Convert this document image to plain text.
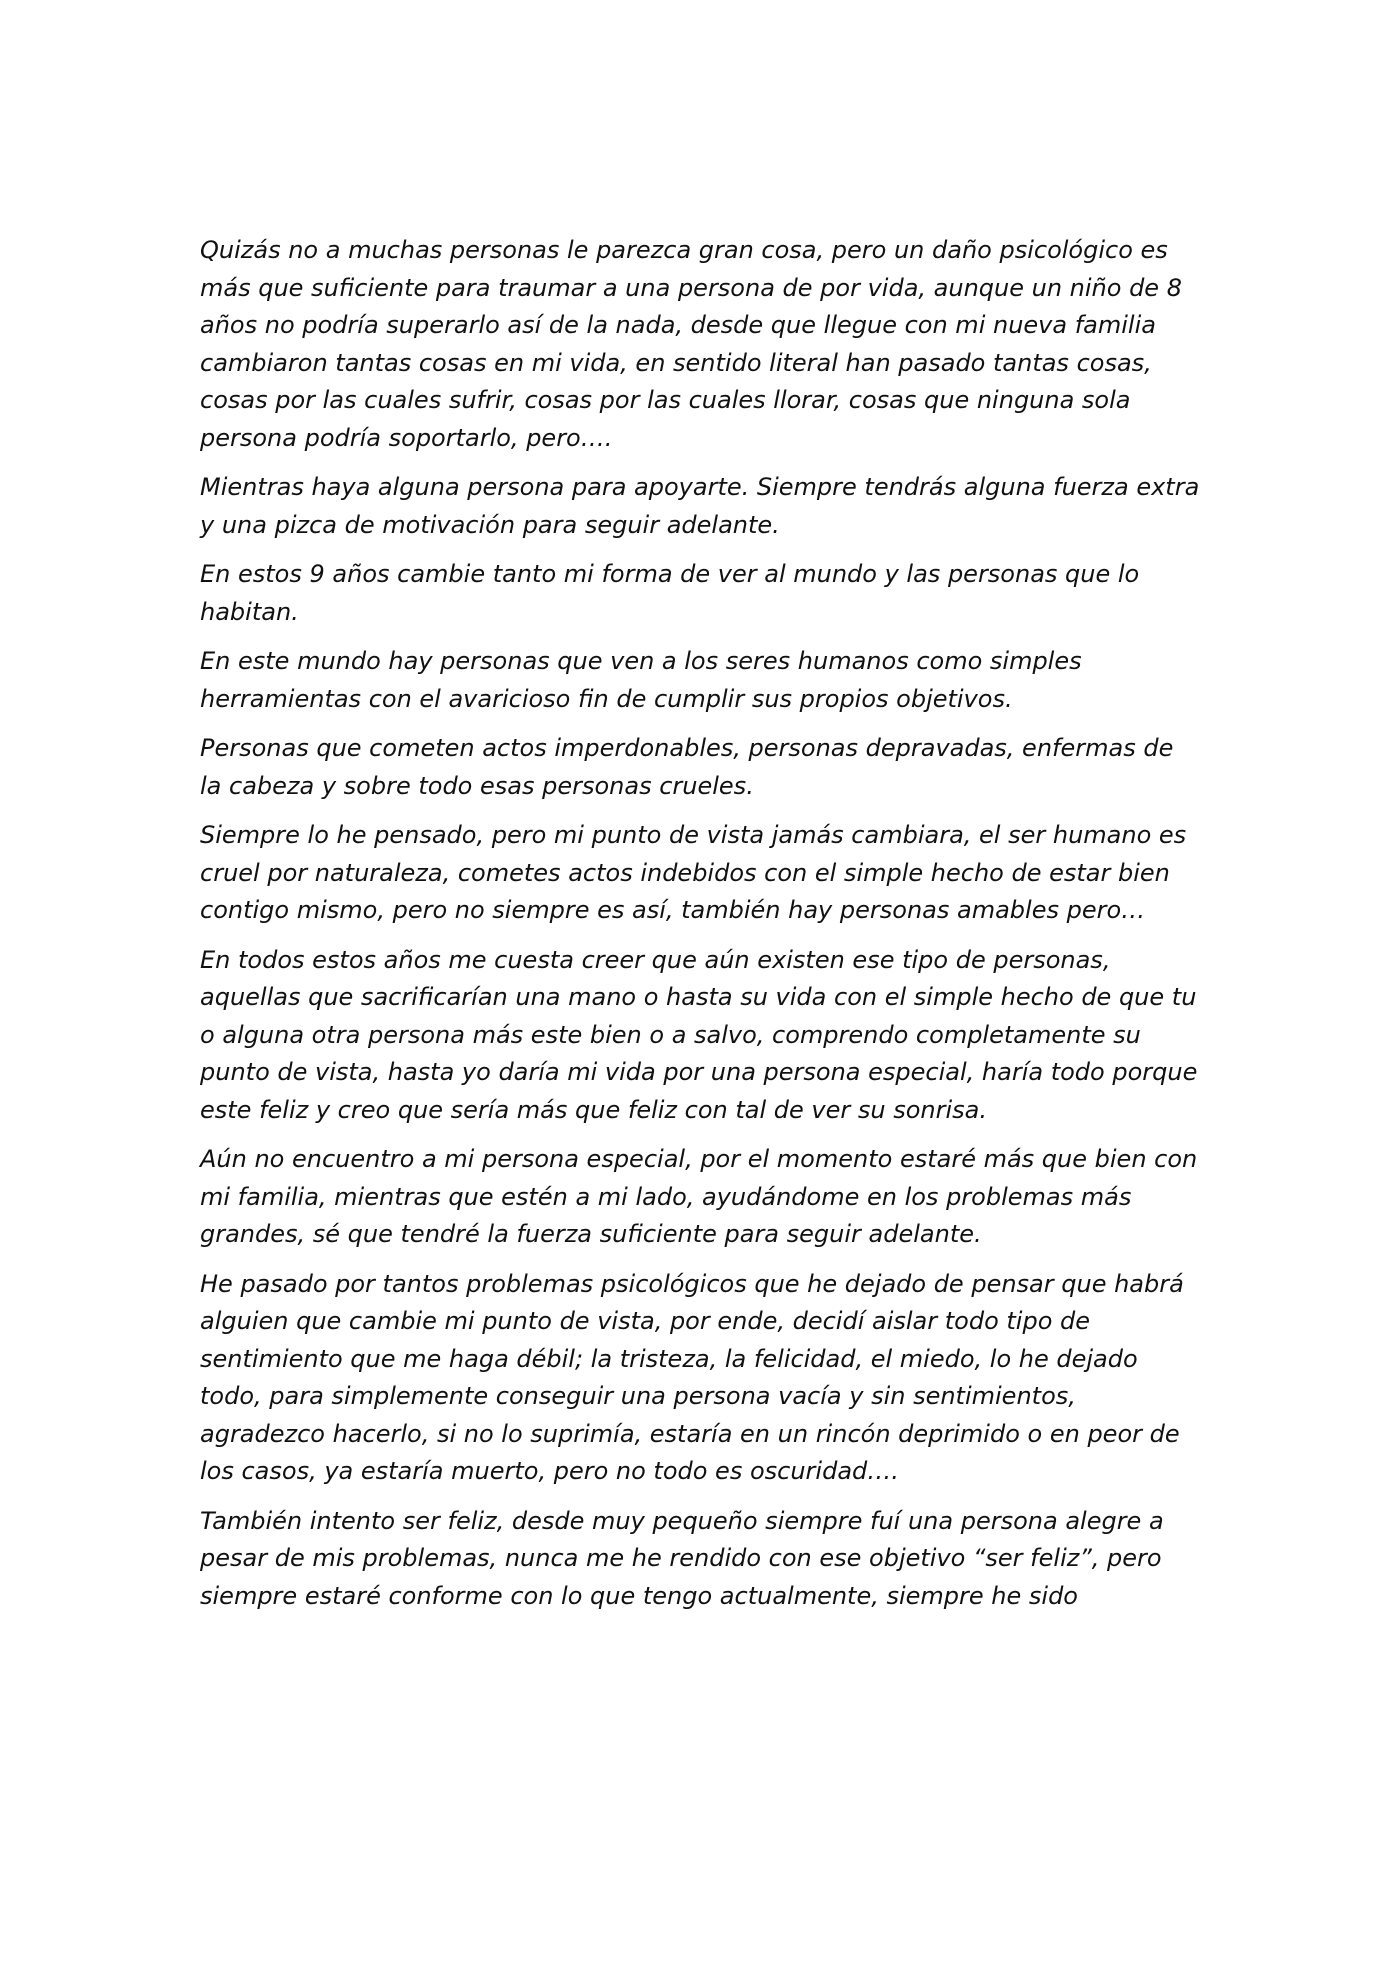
Quizás no a muchas personas le parezca gran cosa, pero un daño psicológico es más que suficiente para traumar a una persona de por vida, aunque un niño de 8 años no podría superarlo así de la nada, desde que llegue con mi nueva familia cambiaron tantas cosas en mi vida, en sentido literal han pasado tantas cosas, cosas por las cuales sufrir, cosas por las cuales llorar, cosas que ninguna sola persona podría soportarlo, pero….

Mientras haya alguna persona para apoyarte. Siempre tendrás alguna fuerza extra y una pizca de motivación para seguir adelante.

En estos 9 años cambie tanto mi forma de ver al mundo y las personas que lo habitan.

En este mundo hay personas que ven a los seres humanos como simples herramientas con el avaricioso fin de cumplir sus propios objetivos.

Personas que cometen actos imperdonables, personas depravadas, enfermas de la cabeza y sobre todo esas personas crueles.

Siempre lo he pensado, pero mi punto de vista jamás cambiara, el ser humano es cruel por naturaleza, cometes actos indebidos con el simple hecho de estar bien contigo mismo, pero no siempre es así, también hay personas amables pero…

En todos estos años me cuesta creer que aún existen ese tipo de personas, aquellas que sacrificarían una mano o hasta su vida con el simple hecho de que tu o alguna otra persona más este bien o a salvo, comprendo completamente su punto de vista, hasta yo daría mi vida por una persona especial, haría todo porque este feliz y creo que sería más que feliz con tal de ver su sonrisa.

Aún no encuentro a mi persona especial, por el momento estaré más que bien con mi familia, mientras que estén a mi lado, ayudándome en los problemas más grandes, sé que tendré la fuerza suficiente para seguir adelante.

He pasado por tantos problemas psicológicos que he dejado de pensar que habrá alguien que cambie mi punto de vista, por ende, decidí aislar todo tipo de sentimiento que me haga débil; la tristeza, la felicidad, el miedo, lo he dejado todo, para simplemente conseguir una persona vacía y sin sentimientos, agradezco hacerlo, si no lo suprimía, estaría en un rincón deprimido o en peor de los casos, ya estaría muerto, pero no todo es oscuridad….

También intento ser feliz, desde muy pequeño siempre fuí una persona alegre a pesar de mis problemas, nunca me he rendido con ese objetivo “ser feliz”, pero siempre estaré conforme con lo que tengo actualmente, siempre he sido
